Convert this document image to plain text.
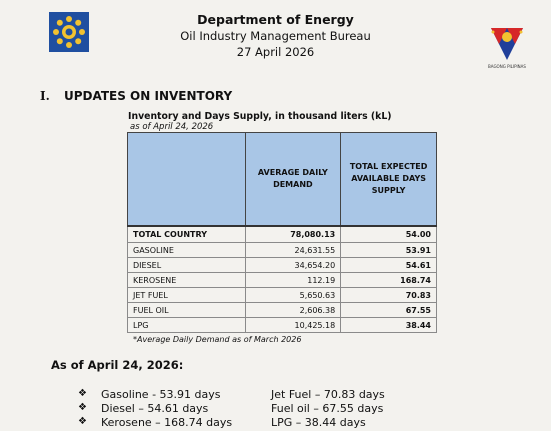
Department of Energy
Oil Industry Management Bureau
27 April 2026
BAGONG PILIPINAS
I. UPDATES ON INVENTORY
Inventory and Days Supply, in thousand liters (kL)
as of April 24, 2026
	AVERAGE DAILY DEMAND	TOTAL EXPECTED AVAILABLE DAYS SUPPLY
TOTAL COUNTRY	78,080.13	54.00
GASOLINE	24,631.55	53.91
DIESEL	34,654.20	54.61
KEROSENE	112.19	168.74
JET FUEL	5,650.63	70.83
FUEL OIL	2,606.38	67.55
LPG	10,425.18	38.44
*Average Daily Demand as of March 2026
As of April 24, 2026:
❖ Gasoline - 53.91 days	Jet Fuel – 70.83 days
❖ Diesel – 54.61 days	Fuel oil – 67.55 days
❖ Kerosene – 168.74 days	LPG – 38.44 days
